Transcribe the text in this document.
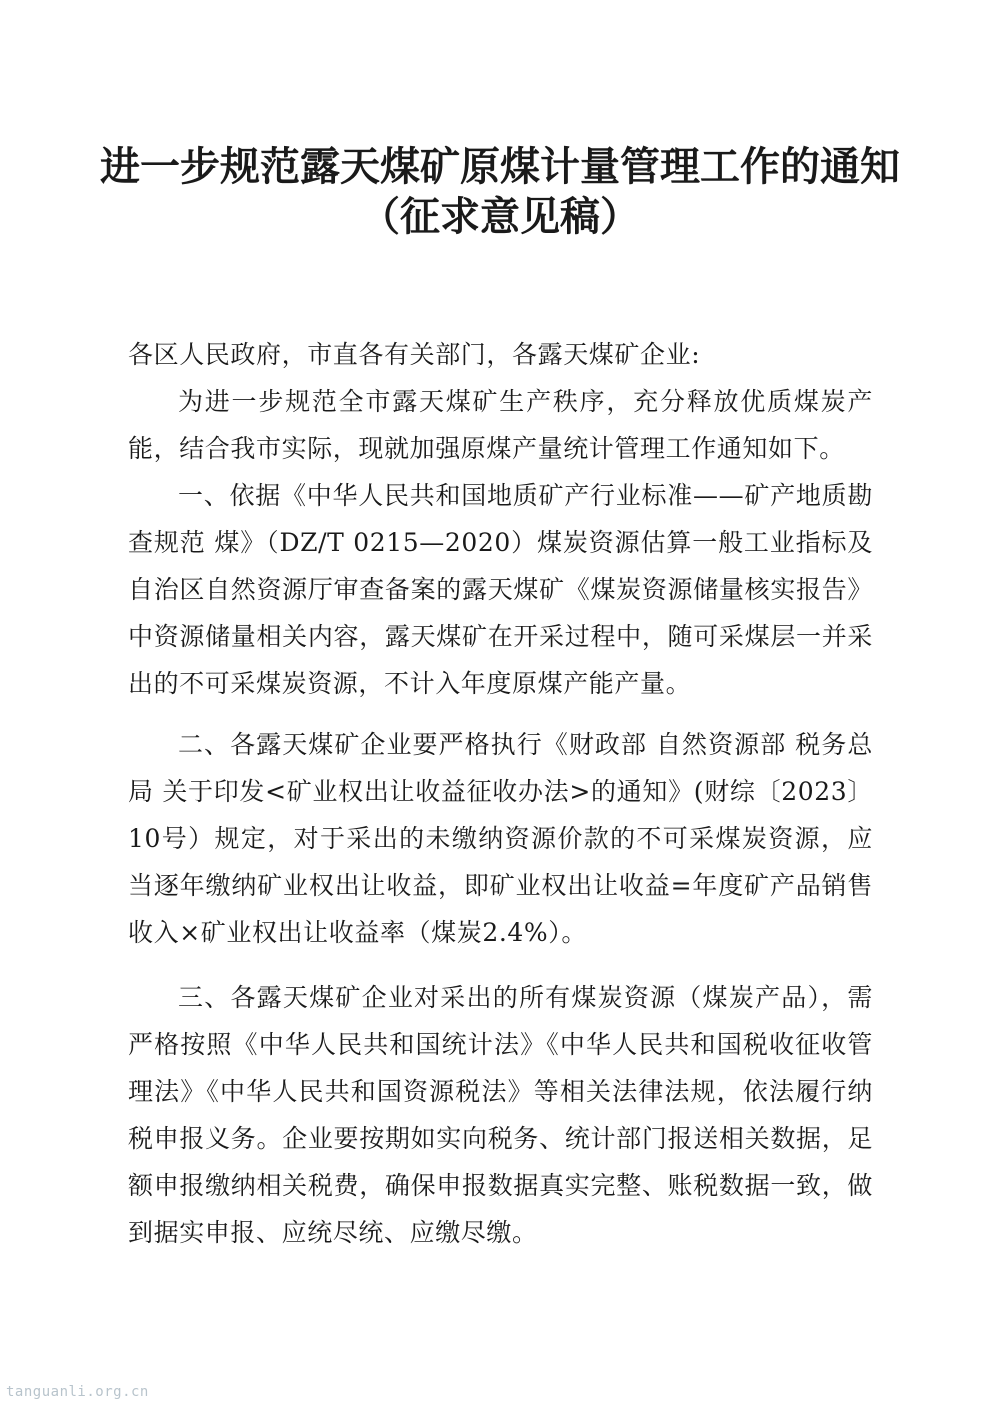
进一步规范露天煤矿原煤计量管理工作的通知
（征求意见稿）

各区人民政府，市直各有关部门，各露天煤矿企业:

为进一步规范全市露天煤矿生产秩序，充分释放优质煤炭产能，结合我市实际，现就加强原煤产量统计管理工作通知如下。

一、依据《中华人民共和国地质矿产行业标准——矿产地质勘查规范 煤》（DZ/T 0215—2020）煤炭资源估算一般工业指标及自治区自然资源厅审查备案的露天煤矿《煤炭资源储量核实报告》中资源储量相关内容，露天煤矿在开采过程中，随可采煤层一并采出的不可采煤炭资源，不计入年度原煤产能产量。

二、各露天煤矿企业要严格执行《财政部 自然资源部 税务总局 关于印发<矿业权出让收益征收办法>的通知》(财综〔2023〕10号）规定，对于采出的未缴纳资源价款的不可采煤炭资源，应当逐年缴纳矿业权出让收益，即矿业权出让收益=年度矿产品销售收入×矿业权出让收益率（煤炭2.4%）。

三、各露天煤矿企业对采出的所有煤炭资源（煤炭产品），需严格按照《中华人民共和国统计法》《中华人民共和国税收征收管理法》《中华人民共和国资源税法》等相关法律法规，依法履行纳税申报义务。企业要按期如实向税务、统计部门报送相关数据，足额申报缴纳相关税费，确保申报数据真实完整、账税数据一致，做到据实申报、应统尽统、应缴尽缴。

tanguanli.org.cn
